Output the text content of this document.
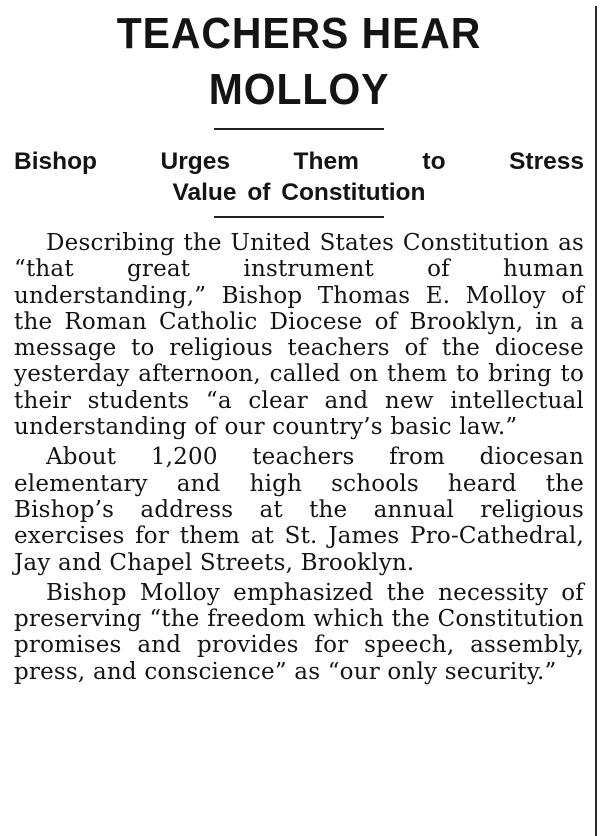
TEACHERS HEAR MOLLOY
Bishop Urges Them to Stress
Value of Constitution

Describing the United States Constitution as “that great instrument of human understanding,” Bishop Thomas E. Molloy of the Roman Catholic Diocese of Brooklyn, in a message to religious teachers of the diocese yesterday afternoon, called on them to bring to their students “a clear and new intellectual understanding of our country’s basic law.”

About 1,200 teachers from diocesan elementary and high schools heard the Bishop’s address at the annual religious exercises for them at St. James Pro-Cathedral, Jay and Chapel Streets, Brooklyn.

Bishop Molloy emphasized the necessity of preserving “the freedom which the Constitution promises and provides for speech, assembly, press, and conscience” as “our only security.”
